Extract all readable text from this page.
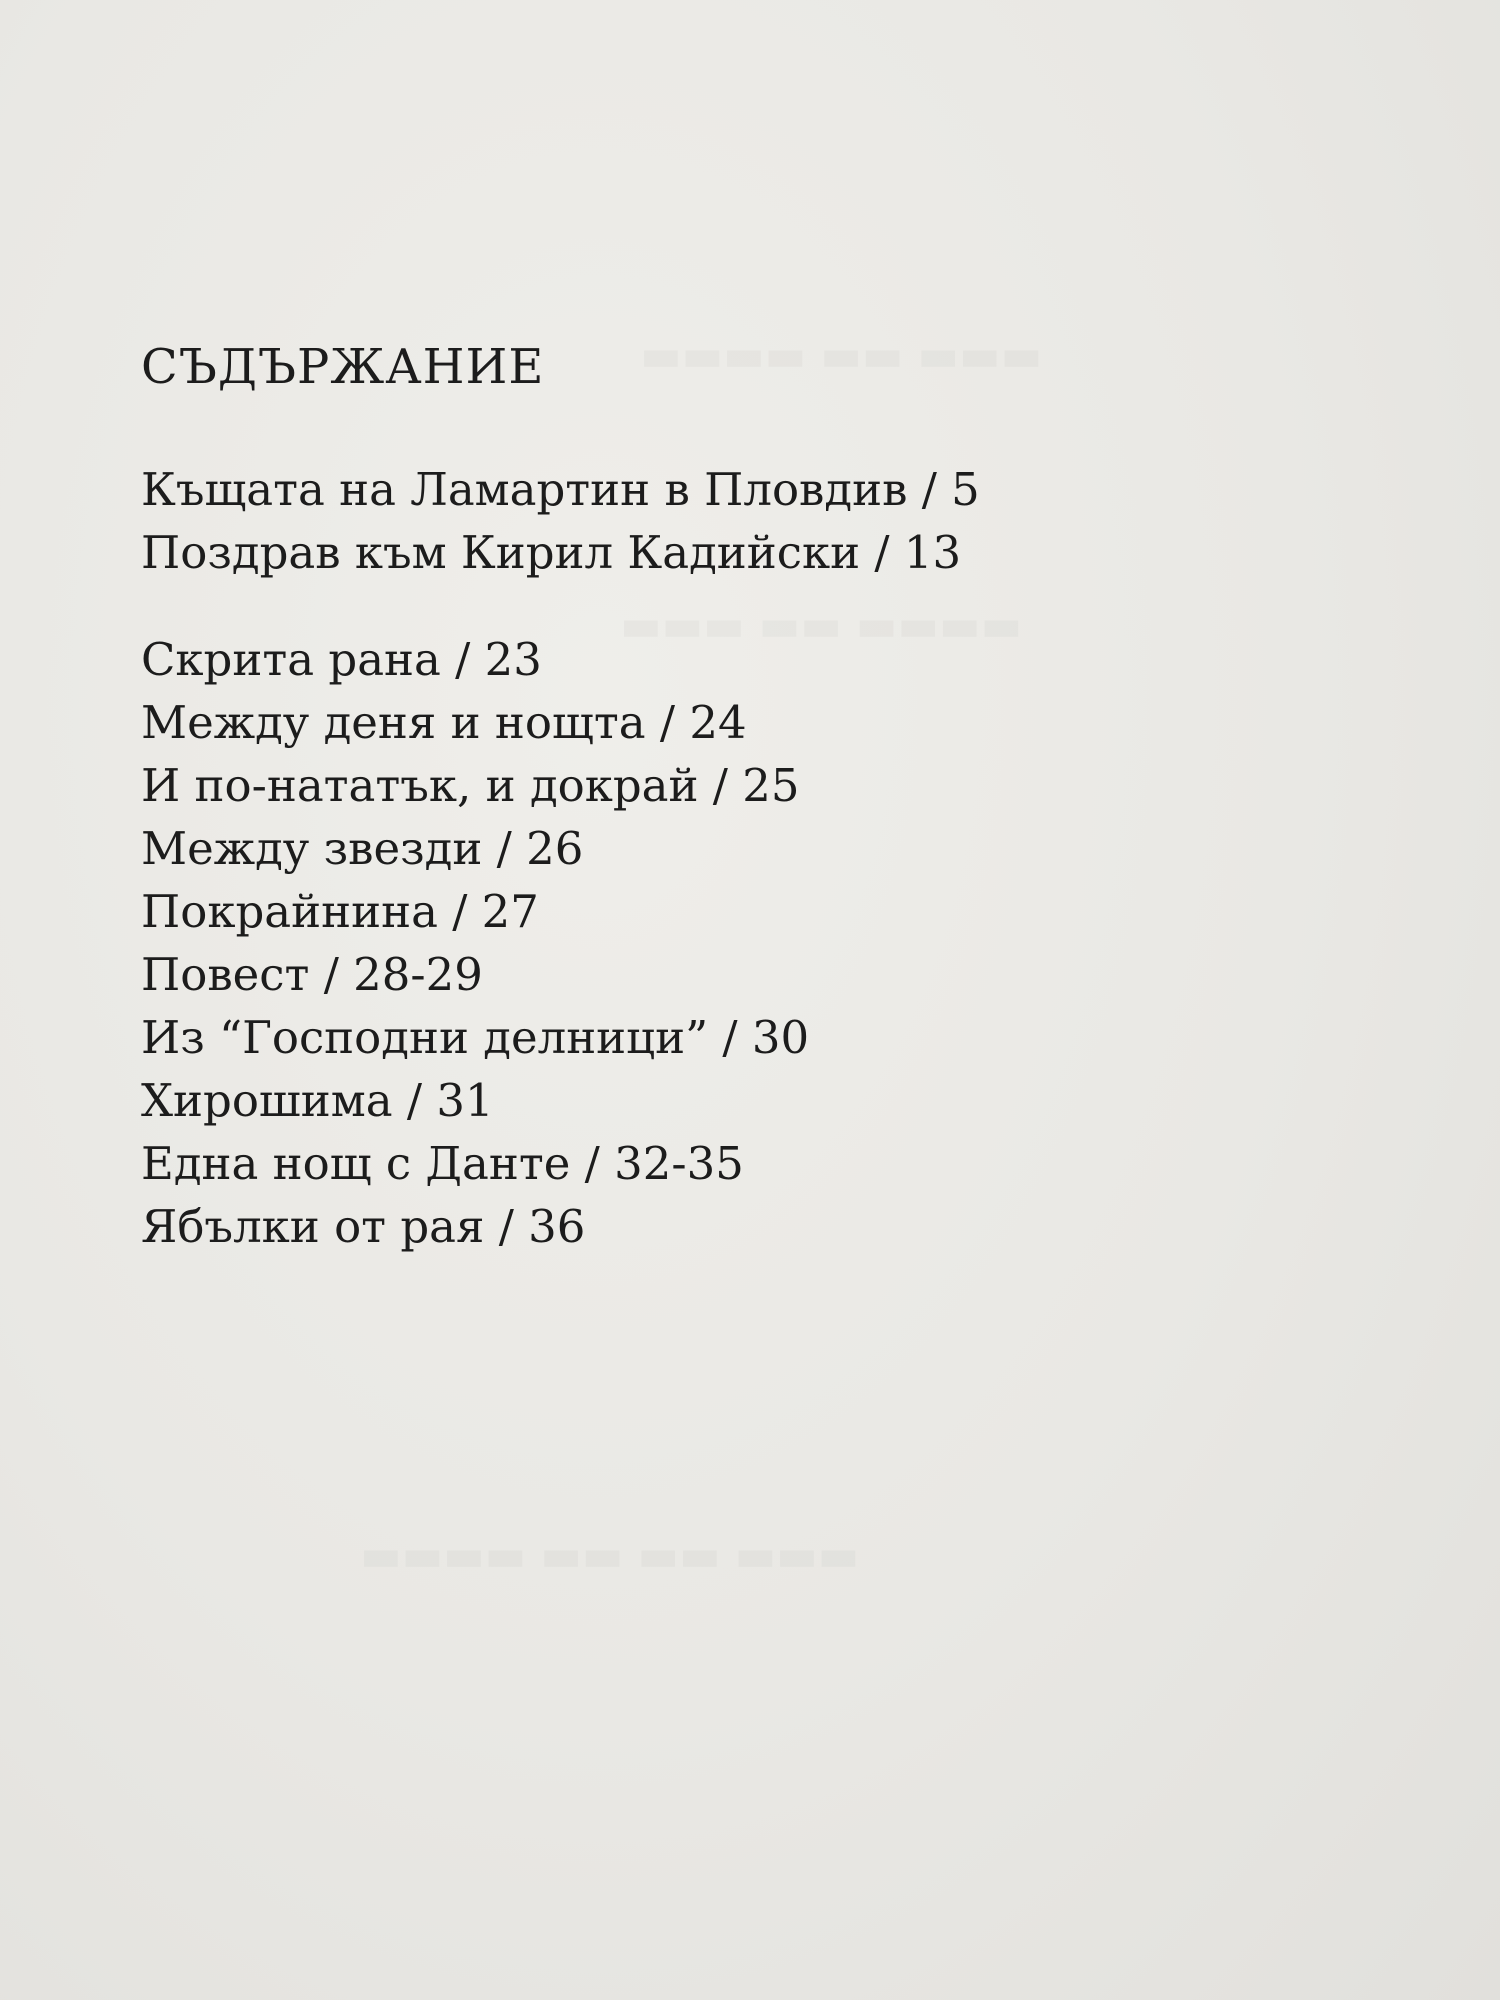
▬▬▬ ▬▬ ▬▬▬▬
▬▬▬▬ ▬▬ ▬▬▬
▬▬▬ ▬▬ ▬▬ ▬▬▬▬
СЪДЪРЖАНИЕ
Къщата на Ламартин в Пловдив / 5
Поздрав към Кирил Кадийски / 13
Скрита рана / 23
Между деня и нощта / 24
И по-нататък, и докрай / 25
Между звезди / 26
Покрайнина / 27
Повест / 28-29
Из “Господни делници” / 30
Хирошима / 31
Една нощ с Данте / 32-35
Ябълки от рая / 36
